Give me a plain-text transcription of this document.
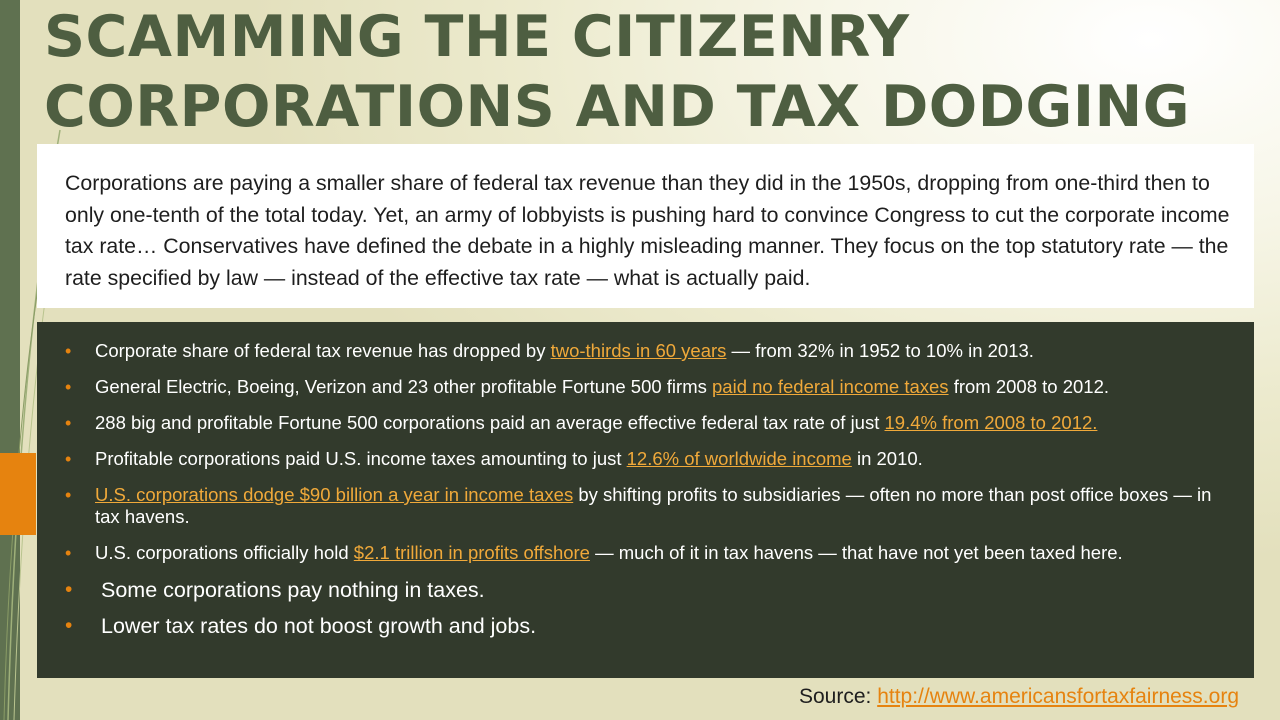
SCAMMING THE CITIZENRY
CORPORATIONS AND TAX DODGING

Corporations are paying a smaller share of federal tax revenue than they did in the 1950s, dropping from one-third then to only one-tenth of the total today. Yet, an army of lobbyists is pushing hard to convince Congress to cut the corporate income tax rate… Conservatives have defined the debate in a highly misleading manner. They focus on the top statutory rate — the rate specified by law — instead of the effective tax rate — what is actually paid.

• Corporate share of federal tax revenue has dropped by two-thirds in 60 years — from 32% in 1952 to 10% in 2013.
• General Electric, Boeing, Verizon and 23 other profitable Fortune 500 firms paid no federal income taxes from 2008 to 2012.
• 288 big and profitable Fortune 500 corporations paid an average effective federal tax rate of just 19.4% from 2008 to 2012.
• Profitable corporations paid U.S. income taxes amounting to just 12.6% of worldwide income in 2010.
• U.S. corporations dodge $90 billion a year in income taxes by shifting profits to subsidiaries — often no more than post office boxes — in tax havens.
• U.S. corporations officially hold $2.1 trillion in profits offshore — much of it in tax havens — that have not yet been taxed here.
• Some corporations pay nothing in taxes.
• Lower tax rates do not boost growth and jobs.
Source: http://www.americansfortaxfairness.org
